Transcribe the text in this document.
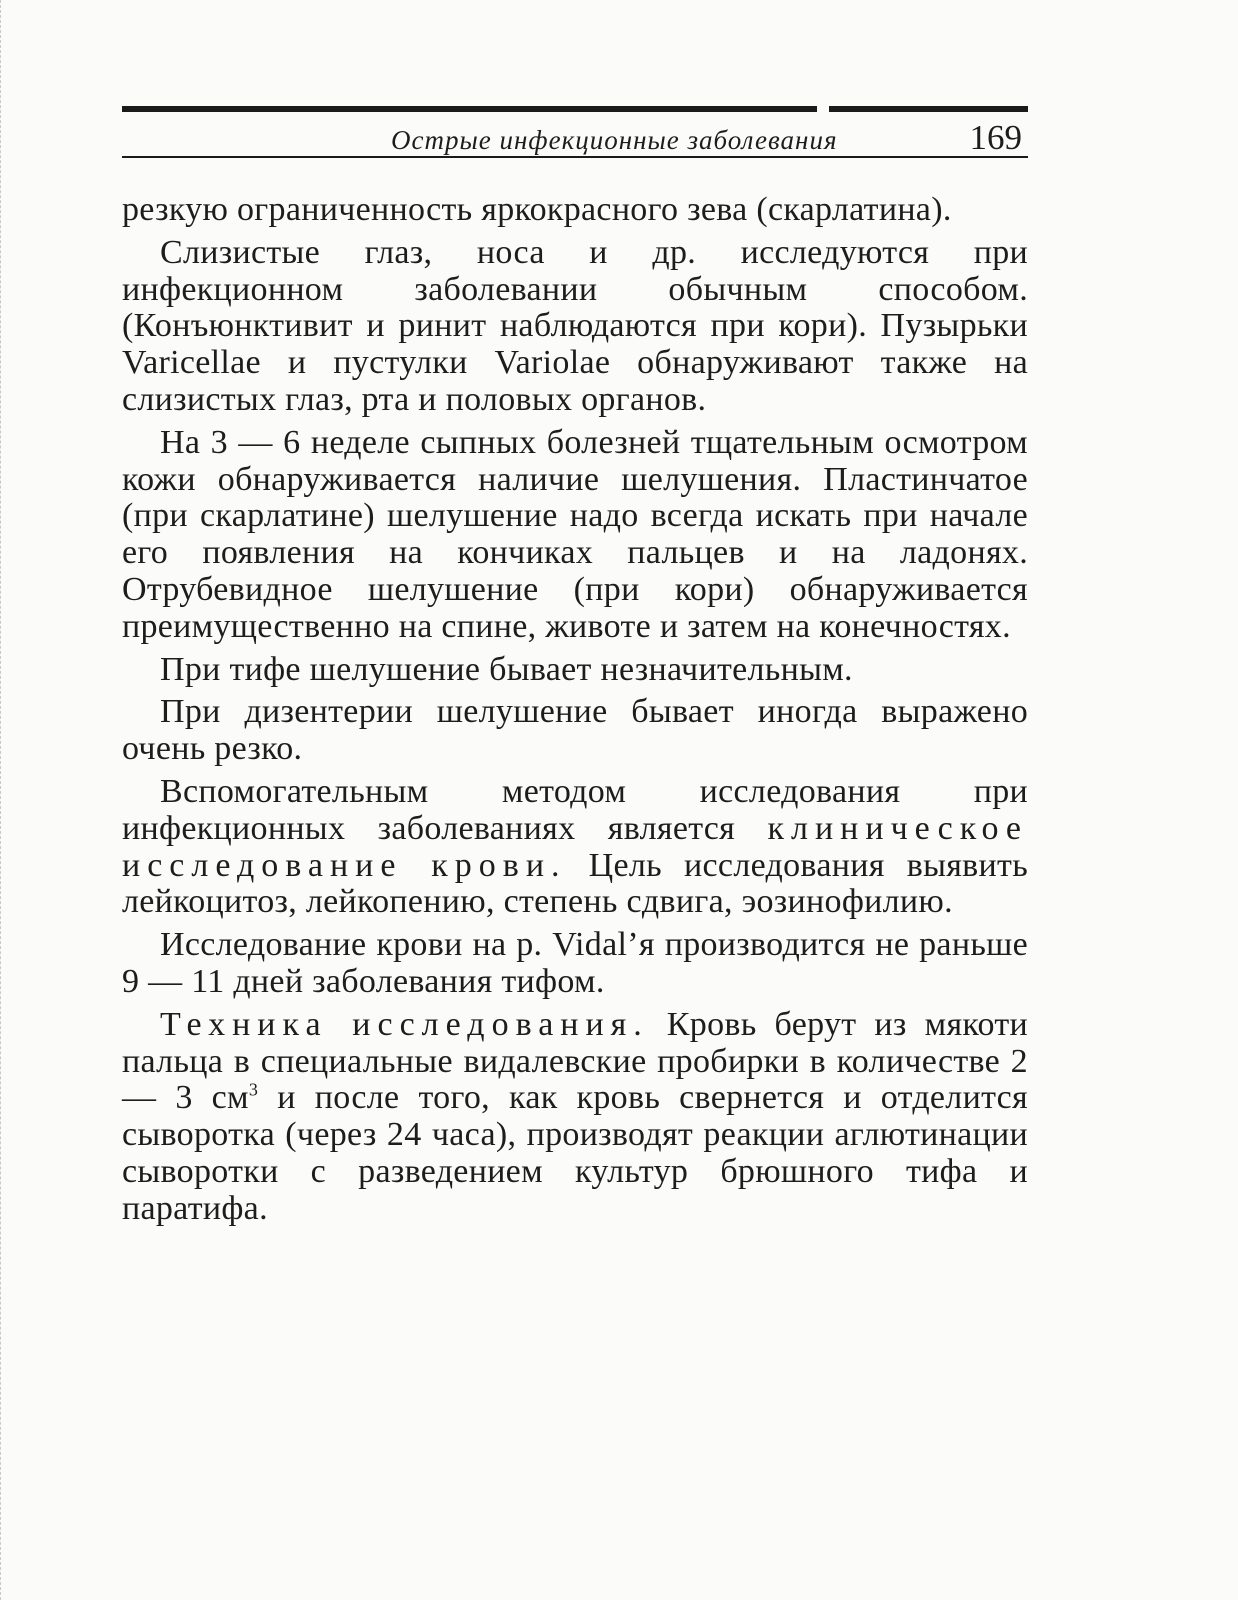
Острые инфекционные заболевания	169

резкую ограниченность яркокрасного зева (скарлатина).

Слизистые глаз, носа и др. исследуются при инфекционном заболевании обычным способом. (Конъюнктивит и ринит наблюдаются при кори). Пузырьки Varicellae и пустулки Variolae обнаруживают также на слизистых глаз, рта и половых органов.

На 3 — 6 неделе сыпных болезней тщательным осмотром кожи обнаруживается наличие шелушения. Пластинчатое (при скарлатине) шелушение надо всегда искать при начале его появления на кончиках пальцев и на ладонях. Отрубевидное шелушение (при кори) обнаруживается преимущественно на спине, животе и затем на конечностях.

При тифе шелушение бывает незначительным.

При дизентерии шелушение бывает иногда выражено очень резко.

Вспомогательным методом исследования при инфекционных заболеваниях является клиническое исследование крови. Цель исследования выявить лейкоцитоз, лейкопению, степень сдвига, эозинофилию.

Исследование крови на р. Vidal’я производится не раньше 9 — 11 дней заболевания тифом.

Техника исследования. Кровь берут из мякоти пальца в специальные видалевские пробирки в количестве 2 — 3 $см^3$ и после того, как кровь свернется и отделится сыворотка (через 24 часа), производят реакции аглютинации сыворотки с разведением культур брюшного тифа и паратифа.
